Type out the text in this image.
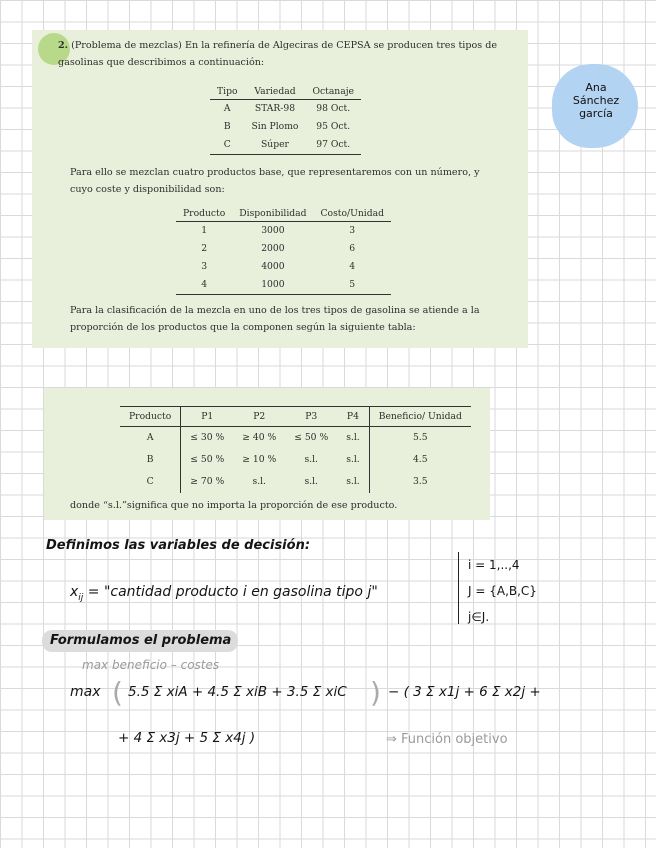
2. (Problema de mezclas) En la refinería de Algeciras de CEPSA se producen tres tipos de gasolinas que describimos a continuación:
Tipo	Variedad	Octanaje
A	STAR-98	98 Oct.
B	Sin Plomo	95 Oct.
C	Súper	97 Oct.
Para ello se mezclan cuatro productos base, que representaremos con un número, y cuyo coste y disponibilidad son:
Producto	Disponibilidad	Costo/Unidad
1	3000	3
2	2000	6
3	4000	4
4	1000	5
Para la clasificación de la mezcla en uno de los tres tipos de gasolina se atiende a la proporción de los productos que la componen según la siguiente tabla:
Producto	P1	P2	P3	P4	Beneficio/ Unidad
A	≤ 30 %	≥ 40 %	≤ 50 %	s.l.	5.5
B	≤ 50 %	≥ 10 %	s.l.	s.l.	4.5
C	≥ 70 %	s.l.	s.l.	s.l.	3.5
donde “s.l.”significa que no importa la proporción de ese producto.
Ana
Sánchez
garcía
Definimos las variables de decisión:
$x_{ij}$ = "cantidad producto i en gasolina tipo j"
i = 1,..,4
J = {A,B,C}
j∈J.
Formulamos el problema
max beneficio – costes
max ( 5.5 Σ xiA + 4.5 Σ xiB + 3.5 Σ xiC ) − ( 3 Σ x1j + 6 Σ x2j +
+ 4 Σ x3j + 5 Σ x4j )	⇒ Función objetivo
